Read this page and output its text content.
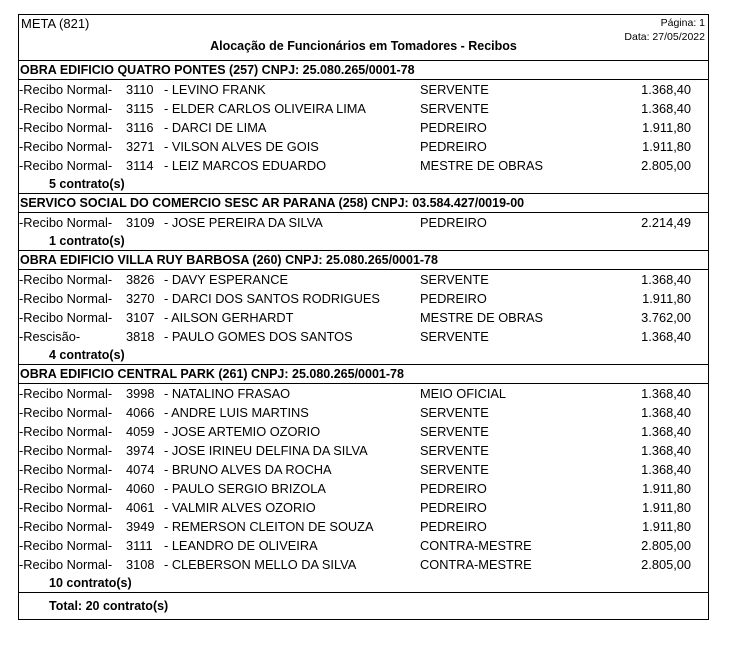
META (821)
Alocação de Funcionários em Tomadores - Recibos
Página: 1
Data: 27/05/2022
OBRA EDIFICIO QUATRO PONTES (257) CNPJ: 25.080.265/0001-78
-Recibo Normal- 3110 - LEVINO FRANK	SERVENTE	1.368,40
-Recibo Normal- 3115 - ELDER CARLOS OLIVEIRA LIMA	SERVENTE	1.368,40
-Recibo Normal- 3116 - DARCI DE LIMA	PEDREIRO	1.911,80
-Recibo Normal- 3271 - VILSON ALVES DE GOIS	PEDREIRO	1.911,80
-Recibo Normal- 3114 - LEIZ MARCOS EDUARDO	MESTRE DE OBRAS	2.805,00
5 contrato(s)
SERVICO SOCIAL DO COMERCIO SESC AR PARANA (258) CNPJ: 03.584.427/0019-00
-Recibo Normal- 3109 - JOSE PEREIRA DA SILVA	PEDREIRO	2.214,49
1 contrato(s)
OBRA EDIFICIO VILLA RUY BARBOSA (260) CNPJ: 25.080.265/0001-78
-Recibo Normal- 3826 - DAVY ESPERANCE	SERVENTE	1.368,40
-Recibo Normal- 3270 - DARCI DOS SANTOS RODRIGUES	PEDREIRO	1.911,80
-Recibo Normal- 3107 - AILSON GERHARDT	MESTRE DE OBRAS	3.762,00
-Rescisão-	3818 - PAULO GOMES DOS SANTOS	SERVENTE	1.368,40
4 contrato(s)
OBRA EDIFICIO CENTRAL PARK (261) CNPJ: 25.080.265/0001-78
-Recibo Normal- 3998 - NATALINO FRASAO	MEIO OFICIAL	1.368,40
-Recibo Normal- 4066 - ANDRE LUIS MARTINS	SERVENTE	1.368,40
-Recibo Normal- 4059 - JOSE ARTEMIO OZORIO	SERVENTE	1.368,40
-Recibo Normal- 3974 - JOSE IRINEU DELFINA DA SILVA	SERVENTE	1.368,40
-Recibo Normal- 4074 - BRUNO ALVES DA ROCHA	SERVENTE	1.368,40
-Recibo Normal- 4060 - PAULO SERGIO BRIZOLA	PEDREIRO	1.911,80
-Recibo Normal- 4061 - VALMIR ALVES OZORIO	PEDREIRO	1.911,80
-Recibo Normal- 3949 - REMERSON CLEITON DE SOUZA	PEDREIRO	1.911,80
-Recibo Normal- 3111 - LEANDRO DE OLIVEIRA	CONTRA-MESTRE	2.805,00
-Recibo Normal- 3108 - CLEBERSON MELLO DA SILVA	CONTRA-MESTRE	2.805,00
10 contrato(s)
Total: 20 contrato(s)
